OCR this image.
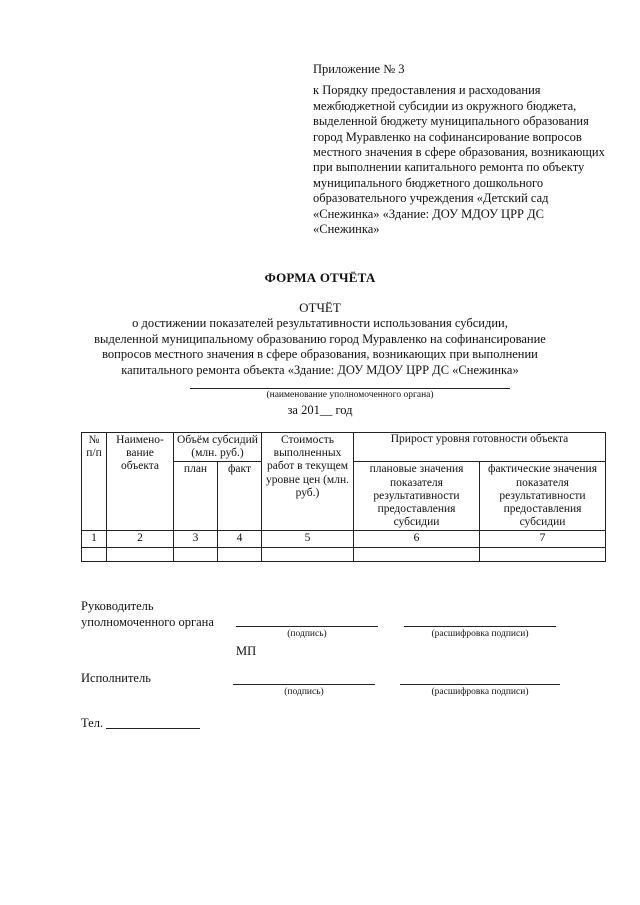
Приложение № 3
к Порядку предоставления и расходования
межбюджетной субсидии из окружного бюджета,
выделенной бюджету муниципального образования
город Муравленко на софинансирование вопросов
местного значения в сфере образования, возникающих
при выполнении капитального ремонта по объекту
муниципального бюджетного дошкольного
образовательного учреждения «Детский сад
«Снежинка» «Здание: ДОУ МДОУ ЦРР ДС
«Снежинка»
ФОРМА ОТЧЁТА
ОТЧЁТ
о достижении показателей результативности использования субсидии,
выделенной муниципальному образованию город Муравленко на софинансирование
вопросов местного значения в сфере образования, возникающих при выполнении
капитального ремонта объекта «Здание: ДОУ МДОУ ЦРР ДС «Снежинка»
(наименование уполномоченного органа)
за 201__ год
№ п/п	Наимено-вание объекта	Объём субсидий (млн. руб.)		Стоимость выполненных работ в текущем уровне цен (млн. руб.)	Прирост уровня готовности объекта	
		план	факт		плановые значения показателя результативности предоставления субсидии	фактические значения показателя результативности предоставления субсидии

1	2	3	4	5	6	7

Руководитель
уполномоченного органа
(подпись)	(расшифровка подписи)
МП
Исполнитель
(подпись)	(расшифровка подписи)
Тел.
